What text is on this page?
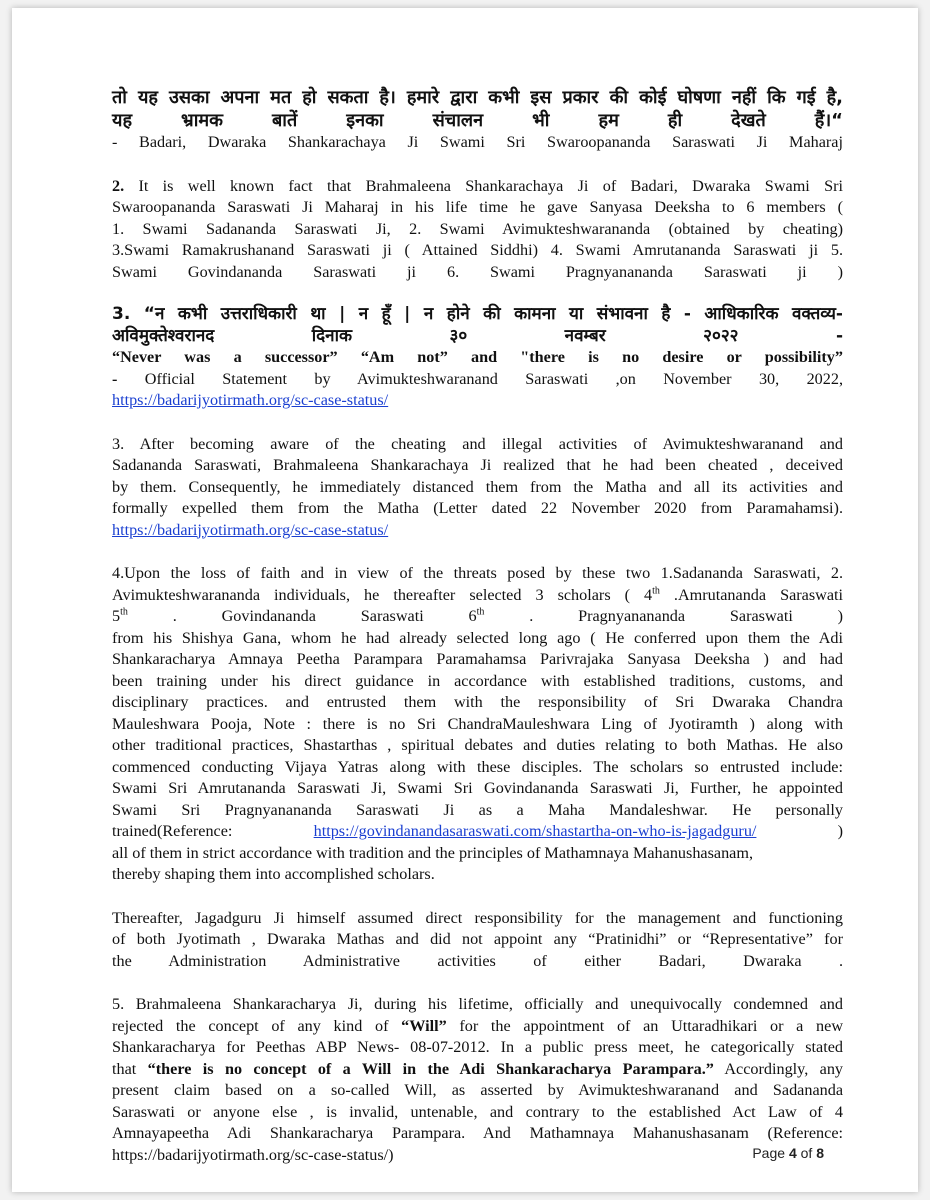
तो यह उसका अपना मत हो सकता है। हमारे द्वारा कभी इस प्रकार की कोई घोषणा नहीं कि गई है,

यह भ्रामक बातें इनका संचालन भी हम ही देखते हैं।“

- Badari, Dwaraka Shankarachaya Ji Swami Sri Swaroopananda Saraswati Ji Maharaj

2. It is well known fact that Brahmaleena Shankarachaya Ji of Badari, Dwaraka Swami Sri

Swaroopananda Saraswati Ji Maharaj in his life time he gave Sanyasa Deeksha to 6 members (

1. Swami Sadananda Saraswati Ji, 2. Swami Avimukteshwarananda (obtained by cheating)

3.Swami Ramakrushanand Saraswati ji ( Attained Siddhi) 4. Swami Amrutananda Saraswati ji 5.

Swami Govindananda Saraswati ji 6. Swami Pragnyanananda Saraswati ji )

3. “न कभी उत्तराधिकारी था | न हूँ | न होने की कामना या संभावना है - आधिकारिक वक्तव्य-

अविमुक्तेश्वरानद दिनाक ३० नवम्बर २०२२ -

“Never was a successor” “Am not” and "there is no desire or possibility”

- Official Statement by Avimukteshwaranand Saraswati ,on November 30, 2022,

https://badarijyotirmath.org/sc-case-status/

3. After becoming aware of the cheating and illegal activities of Avimukteshwaranand and

Sadananda Saraswati, Brahmaleena Shankarachaya Ji realized that he had been cheated , deceived

by them. Consequently, he immediately distanced them from the Matha and all its activities and

formally expelled them from the Matha (Letter dated 22 November 2020 from Paramahamsi).

https://badarijyotirmath.org/sc-case-status/

4.Upon the loss of faith and in view of the threats posed by these two 1.Sadananda Saraswati, 2.

Avimukteshwarananda individuals, he thereafter selected 3 scholars ( 4th .Amrutananda Saraswati

5th	. Govindananda Saraswati 6th	. Pragnyanananda Saraswati )

from his Shishya Gana, whom he had already selected long ago ( He conferred upon them the Adi

Shankaracharya Amnaya Peetha Parampara Paramahamsa Parivrajaka Sanyasa Deeksha ) and had

been training under his direct guidance in accordance with established traditions, customs, and

disciplinary practices. and entrusted them with the responsibility of Sri Dwaraka Chandra

Mauleshwara Pooja, Note : there is no Sri ChandraMauleshwara Ling of Jyotiramth ) along with

other traditional practices, Shastarthas , spiritual debates and duties relating to both Mathas. He also

commenced conducting Vijaya Yatras along with these disciples. The scholars so entrusted include:

Swami Sri Amrutananda Saraswati Ji, Swami Sri Govindananda Saraswati Ji, Further, he appointed

Swami Sri Pragnyanananda Saraswati Ji as a Maha Mandaleshwar. He personally

trained(Reference:	https://govindanandasaraswati.com/shastartha-on-who-is-jagadguru/	)

all of them in strict accordance with tradition and the principles of Mathamnaya Mahanushasanam,

thereby shaping them into accomplished scholars.

Thereafter, Jagadguru Ji himself assumed direct responsibility for the management and functioning

of both Jyotimath , Dwaraka Mathas and did not appoint any “Pratinidhi” or “Representative” for

the Administration Administrative activities of either Badari, Dwaraka .

5. Brahmaleena Shankaracharya Ji, during his lifetime, officially and unequivocally condemned and

rejected the concept of any kind of “Will” for the appointment of an Uttaradhikari or a new

Shankaracharya for Peethas ABP News- 08-07-2012. In a public press meet, he categorically stated

that “there is no concept of a Will in the Adi Shankaracharya Parampara.” Accordingly, any

present claim based on a so-called Will, as asserted by Avimukteshwaranand and Sadananda

Saraswati or anyone else , is invalid, untenable, and contrary to the established Act Law of 4

Amnayapeetha Adi Shankaracharya Parampara. And Mathamnaya Mahanushasanam (Reference:

https://badarijyotirmath.org/sc-case-status/)	Page 4 of 8
